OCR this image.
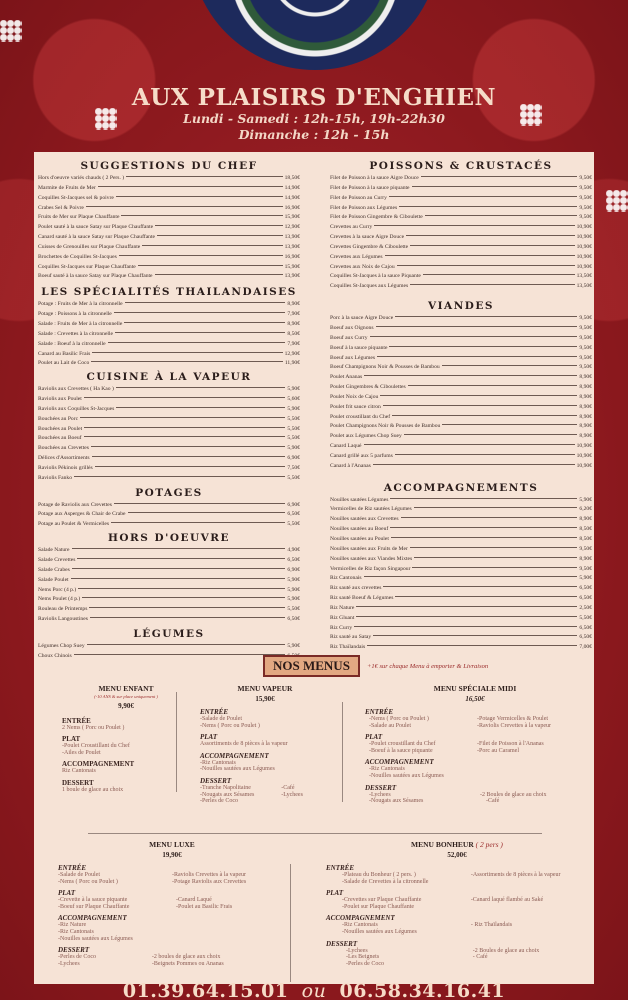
AUX PLAISIRS D'ENGHIEN
Lundi - Samedi : 12h-15h, 19h-22h30
Dimanche : 12h - 15h
SUGGESTIONS DU CHEF
Hors d'oeuvre variés chauds ( 2 Pers. )	18,50€
Marmite de Fruits de Mer	14,90€
Coquilles St-Jacques sel & poivre	14,90€
Crabes Sel & Poivre	16,90€
Fruits de Mer sur Plaque Chauffante	15,90€
Poulet sauté à la sauce Satay sur Plaque Chauffante	12,90€
Canard sauté à la sauce Satay sur Plaque Chauffante	13,90€
Cuisses de Grenouilles sur Plaque Chauffante	13,90€
Brochettes de Coquilles St-Jacques	16,90€
Coquilles St-Jacques sur Plaque Chauffante	15,90€
Boeuf sauté à la sauce Satay sur Plaque Chauffante	13,90€
LES SPÉCIALITÉS THAILANDAISES
Potage : Fruits de Mer à la citronnelle	8,90€
Potage : Poissons à la citronnelle	7,90€
Salade : Fruits de Mer à la citronnelle	8,90€
Salade : Crevettes à la citronnelle	8,50€
Salade : Boeuf à la citronnelle	7,90€
Canard au Basilic Frais	12,90€
Poulet au Lait de Coco	11,90€
CUISINE À LA VAPEUR
Raviolis aux Crevettes ( Ha Kao )	5,90€
Raviolis aux Poulet	5,60€
Raviolis aux Coquilles St-Jacques	5,90€
Bouchées au Porc	5,50€
Bouchées au Poulet	5,50€
Bouchées au Boeuf	5,50€
Bouchées au Crevettes	5,90€
Délices d'Assortiments	6,90€
Raviolis Pékinois grillés	7,50€
Raviolis Fanko	5,50€
POTAGES
Potage de Raviolis aux Crevettes	6,90€
Potage aux Asperges & Chair de Crabe	6,50€
Potage au Poulet & Vermicelles	5,50€
HORS D'OEUVRE
Salade Nature	4,90€
Salade Crevettes	6,50€
Salade Crabes	6,90€
Salade Poulet	5,90€
Nems Porc (4 p.)	5,90€
Nems Poulet (4 p.)	5,90€
Rouleau de Printemps	5,50€
Raviolis Langoustines	6,50€
LÉGUMES
Légumes Chop Suey	5,90€
Choux Chinois
POISSONS & CRUSTACÉS
Filet de Poisson à la sauce Aigre Douce	9,50€
Filet de Poisson à la sauce piquante	9,50€
Filet de Poisson au Curry	9,50€
Filet de Poisson aux Légumes	9,50€
Filet de Poisson Gingembre & Ciboulette	9,50€
Crevettes au Curry	10,90€
Crevettes à la sauce Aigre Douce	10,90€
Crevettes Gingembre & Ciboulette	10,90€
Crevettes aux Légumes	10,90€
Crevettes aux Noix de Cajou	10,90€
Coquilles St-Jacques à la sauce Piquante	13,50€
Coquilles St-Jacques aux Légumes	13,50€
VIANDES
Porc à la sauce Aigre Douce	9,50€
Boeuf aux Oignons	9,50€
Boeuf aux Curry	9,50€
Boeuf à la sauce piquante	9,50€
Boeuf aux Légumes	9,50€
Boeuf Champignons Noir & Pousses de Bambou	9,50€
Poulet Ananas	8,90€
Poulet Gingembres & Ciboulettes	8,90€
Poulet Noix de Cajou	8,90€
Poulet frit sauce citron	8,90€
Poulet croustillant du Chef	8,90€
Poulet Champignons Noir & Pousses de Bambou	8,90€
Poulet aux Légumes Chop Suey	8,90€
Canard Laqué	10,90€
Canard grillé aux 5 parfums	10,90€
Canard à l'Ananas	10,90€
ACCOMPAGNEMENTS
Nouilles sautées Légumes	5,90€
Vermicelles de Riz sautées Légumes	6,20€
Nouilles sautées aux Crevettes	8,90€
Nouilles sautées au Boeuf	8,50€
Nouilles sautées au Poulet	8,50€
Nouilles sautées aux Fruits de Mer	9,50€
Nouilles sautées aux Viandes Mixtes	8,90€
Vermicelles de Riz façon Singapour	9,50€
Riz Cantonais	5,90€
Riz sauté aux crevettes	6,50€
Riz sauté Boeuf & Légumes	6,50€
Riz Nature	2,50€
Riz Gluant	5,50€
Riz Curry	6,50€
Riz sauté au Satay	6,50€
Riz Thaïlandais	7,00€
NOS MENUS	+1€ sur chaque Menu à emporter & Livraison
MENU ENFANT
(-10 ANS & sur place uniquement )
9,90€
ENTRÉE
2 Nems ( Porc ou Poulet )
PLAT
-Poulet Croustillant du Chef
-Ailes de Poulet
ACCOMPAGNEMENT
Riz Cantonais
DESSERT
1 boule de glace au choix
MENU VAPEUR
15,90€
ENTRÉE
-Salade de Poulet
-Nems ( Porc ou Poulet )
PLAT
Assortiments de 8 pièces à la vapeur
ACCOMPAGNEMENT
-Riz Cantonais
-Nouilles sautées aux Légumes
DESSERT
-Tranche Napolitaine
-Nougats aux Sésames
-Perles de Coco
-Café
-Lychees
MENU SPÉCIALE MIDI
16,50€
ENTRÉE
-Nems ( Porc ou Poulet )
-Salade au Poulet
-Potage Vermicelles & Poulet
-Raviolis Crevettes à la vapeur
PLAT
-Poulet croustillant du Chef
-Boeuf à la sauce piquante
-Filet de Poisson à l'Ananas
-Porc au Caramel
ACCOMPAGNEMENT
-Riz Cantonais
-Nouilles sautées aux Légumes
DESSERT
-Lychees
-Nougats aux Sésames
-2 Boules de glace au choix
-Café
MENU LUXE
19,90€
ENTRÉE
-Salade de Poulet
-Nems ( Porc ou Poulet )
-Raviolis Crevettes à la vapeur
-Potage Raviolis aux Crevettes
PLAT
-Crevette à la sauce piquante
-Boeuf sur Plaque Chauffante
-Canard Laqué
-Poulet au Basilic Frais
ACCOMPAGNEMENT
-Riz Nature
-Riz Cantonais
-Nouilles sautées aux Légumes
DESSERT
-Perles de Coco
-Lychees
-2 boules de glace aux choix
-Beignets Pommes ou Ananas
MENU BONHEUR ( 2 pers )
52,00€
ENTRÉE
-Plateau du Bonheur ( 2 pers. )
-Salade de Crevettes à la citronnelle
-Assortiments de 8 pièces à la vapeur
PLAT
-Crevettes sur Plaque Chauffante
-Poulet sur Plaque Chauffante
-Canard laqué flambé au Saké
ACCOMPAGNEMENT
-Riz Cantonais
-Nouilles sautées aux Légumes
- Riz Thaïlandais
DESSERT
-Lychees
-Les Beignets
-Perles de Coco
-2 Boules de glace au choix
- Café
01.39.64.15.01 ou 06.58.34.16.41
